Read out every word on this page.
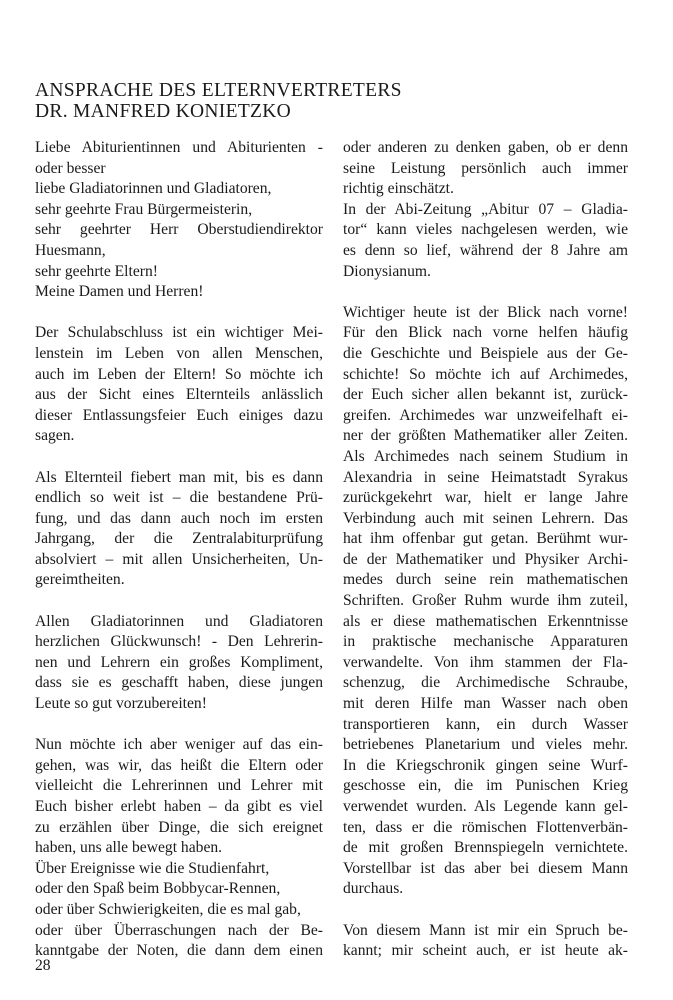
ANSPRACHE DES ELTERNVERTRETERS
DR. MANFRED KONIETZKO
Liebe Abiturientinnen und Abiturienten -
oder besser
liebe Gladiatorinnen und Gladiatoren,
sehr geehrte Frau Bürgermeisterin,
sehr geehrter Herr Oberstudiendirektor
Huesmann,
sehr geehrte Eltern!
Meine Damen und Herren!
Der Schulabschluss ist ein wichtiger Mei-
lenstein im Leben von allen Menschen,
auch im Leben der Eltern! So möchte ich
aus der Sicht eines Elternteils anlässlich
dieser Entlassungsfeier Euch einiges dazu
sagen.
Als Elternteil fiebert man mit, bis es dann
endlich so weit ist – die bestandene Prü-
fung, und das dann auch noch im ersten
Jahrgang, der die Zentralabiturprüfung
absolviert – mit allen Unsicherheiten, Un-
gereimtheiten.
Allen Gladiatorinnen und Gladiatoren
herzlichen Glückwunsch! - Den Lehrerin-
nen und Lehrern ein großes Kompliment,
dass sie es geschafft haben, diese jungen
Leute so gut vorzubereiten!
Nun möchte ich aber weniger auf das ein-
gehen, was wir, das heißt die Eltern oder
vielleicht die Lehrerinnen und Lehrer mit
Euch bisher erlebt haben – da gibt es viel
zu erzählen über Dinge, die sich ereignet
haben, uns alle bewegt haben.
Über Ereignisse wie die Studienfahrt,
oder den Spaß beim Bobbycar-Rennen,
oder über Schwierigkeiten, die es mal gab,
oder über Überraschungen nach der Be-
kanntgabe der Noten, die dann dem einen
oder anderen zu denken gaben, ob er denn
seine Leistung persönlich auch immer
richtig einschätzt.
In der Abi-Zeitung „Abitur 07 – Gladia-
tor“ kann vieles nachgelesen werden, wie
es denn so lief, während der 8 Jahre am
Dionysianum.
Wichtiger heute ist der Blick nach vorne!
Für den Blick nach vorne helfen häufig
die Geschichte und Beispiele aus der Ge-
schichte! So möchte ich auf Archimedes,
der Euch sicher allen bekannt ist, zurück-
greifen. Archimedes war unzweifelhaft ei-
ner der größten Mathematiker aller Zeiten.
Als Archimedes nach seinem Studium in
Alexandria in seine Heimatstadt Syrakus
zurückgekehrt war, hielt er lange Jahre
Verbindung auch mit seinen Lehrern. Das
hat ihm offenbar gut getan. Berühmt wur-
de der Mathematiker und Physiker Archi-
medes durch seine rein mathematischen
Schriften. Großer Ruhm wurde ihm zuteil,
als er diese mathematischen Erkenntnisse
in praktische mechanische Apparaturen
verwandelte. Von ihm stammen der Fla-
schenzug, die Archimedische Schraube,
mit deren Hilfe man Wasser nach oben
transportieren kann, ein durch Wasser
betriebenes Planetarium und vieles mehr.
In die Kriegschronik gingen seine Wurf-
geschosse ein, die im Punischen Krieg
verwendet wurden. Als Legende kann gel-
ten, dass er die römischen Flottenverbän-
de mit großen Brennspiegeln vernichtete.
Vorstellbar ist das aber bei diesem Mann
durchaus.
Von diesem Mann ist mir ein Spruch be-
kannt; mir scheint auch, er ist heute ak-
28
